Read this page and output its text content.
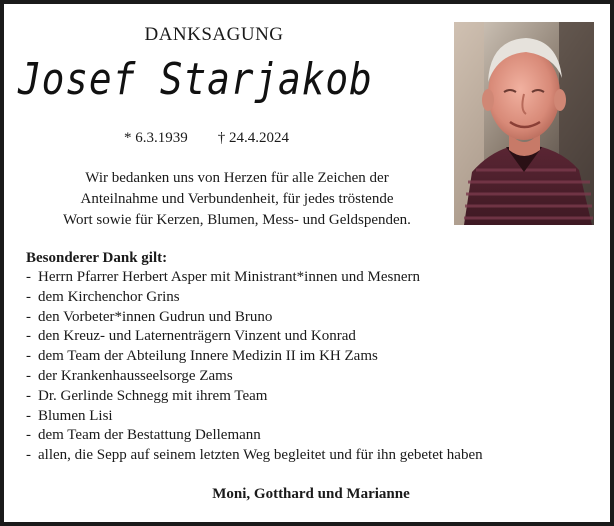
DANKSAGUNG
Josef Starjakob
* 6.3.1939 † 24.4.2024
Wir bedanken uns von Herzen für alle Zeichen der
Anteilnahme und Verbundenheit, für jedes tröstende
Wort sowie für Kerzen, Blumen, Mess- und Geldspenden.
Besonderer Dank gilt:
- Herrn Pfarrer Herbert Asper mit Ministrant*innen und Mesnern
- dem Kirchenchor Grins
- den Vorbeter*innen Gudrun und Bruno
- den Kreuz- und Laternenträgern Vinzent und Konrad
- dem Team der Abteilung Innere Medizin II im KH Zams
- der Krankenhausseelsorge Zams
- Dr. Gerlinde Schnegg mit ihrem Team
- Blumen Lisi
- dem Team der Bestattung Dellemann
- allen, die Sepp auf seinem letzten Weg begleitet und für ihn gebetet haben
Moni, Gotthard und Marianne
